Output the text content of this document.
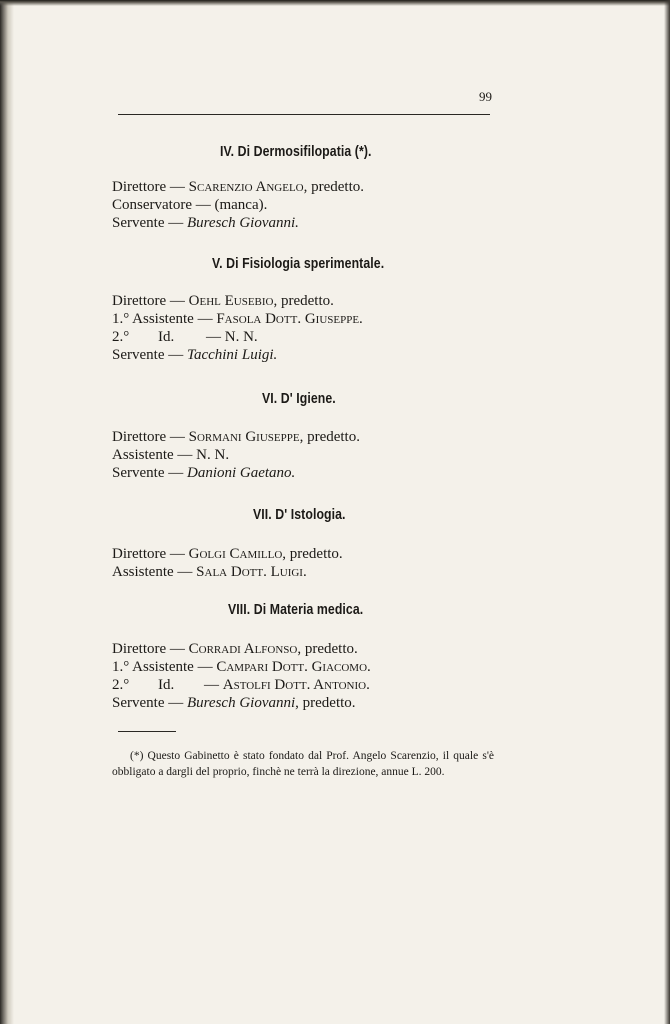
99
IV. Di Dermosifilopatia (*).
Direttore — Scarenzio Angelo, predetto.
Conservatore — (manca).
Servente — Buresch Giovanni.
V. Di Fisiologia sperimentale.
Direttore — Oehl Eusebio, predetto.
1.° Assistente — Fasola Dott. Giuseppe.
2.° Id. — N. N.
Servente — Tacchini Luigi.
VI. D' Igiene.
Direttore — Sormani Giuseppe, predetto.
Assistente — N. N.
Servente — Danioni Gaetano.
VII. D' Istologia.
Direttore — Golgi Camillo, predetto.
Assistente — Sala Dott. Luigi.
VIII. Di Materia medica.
Direttore — Corradi Alfonso, predetto.
1.° Assistente — Campari Dott. Giacomo.
2.° Id. — Astolfi Dott. Antonio.
Servente — Buresch Giovanni, predetto.
(*) Questo Gabinetto è stato fondato dal Prof. Angelo Scarenzio, il quale s'è obbligato a dargli del proprio, finchè ne terrà la direzione, annue L. 200.
